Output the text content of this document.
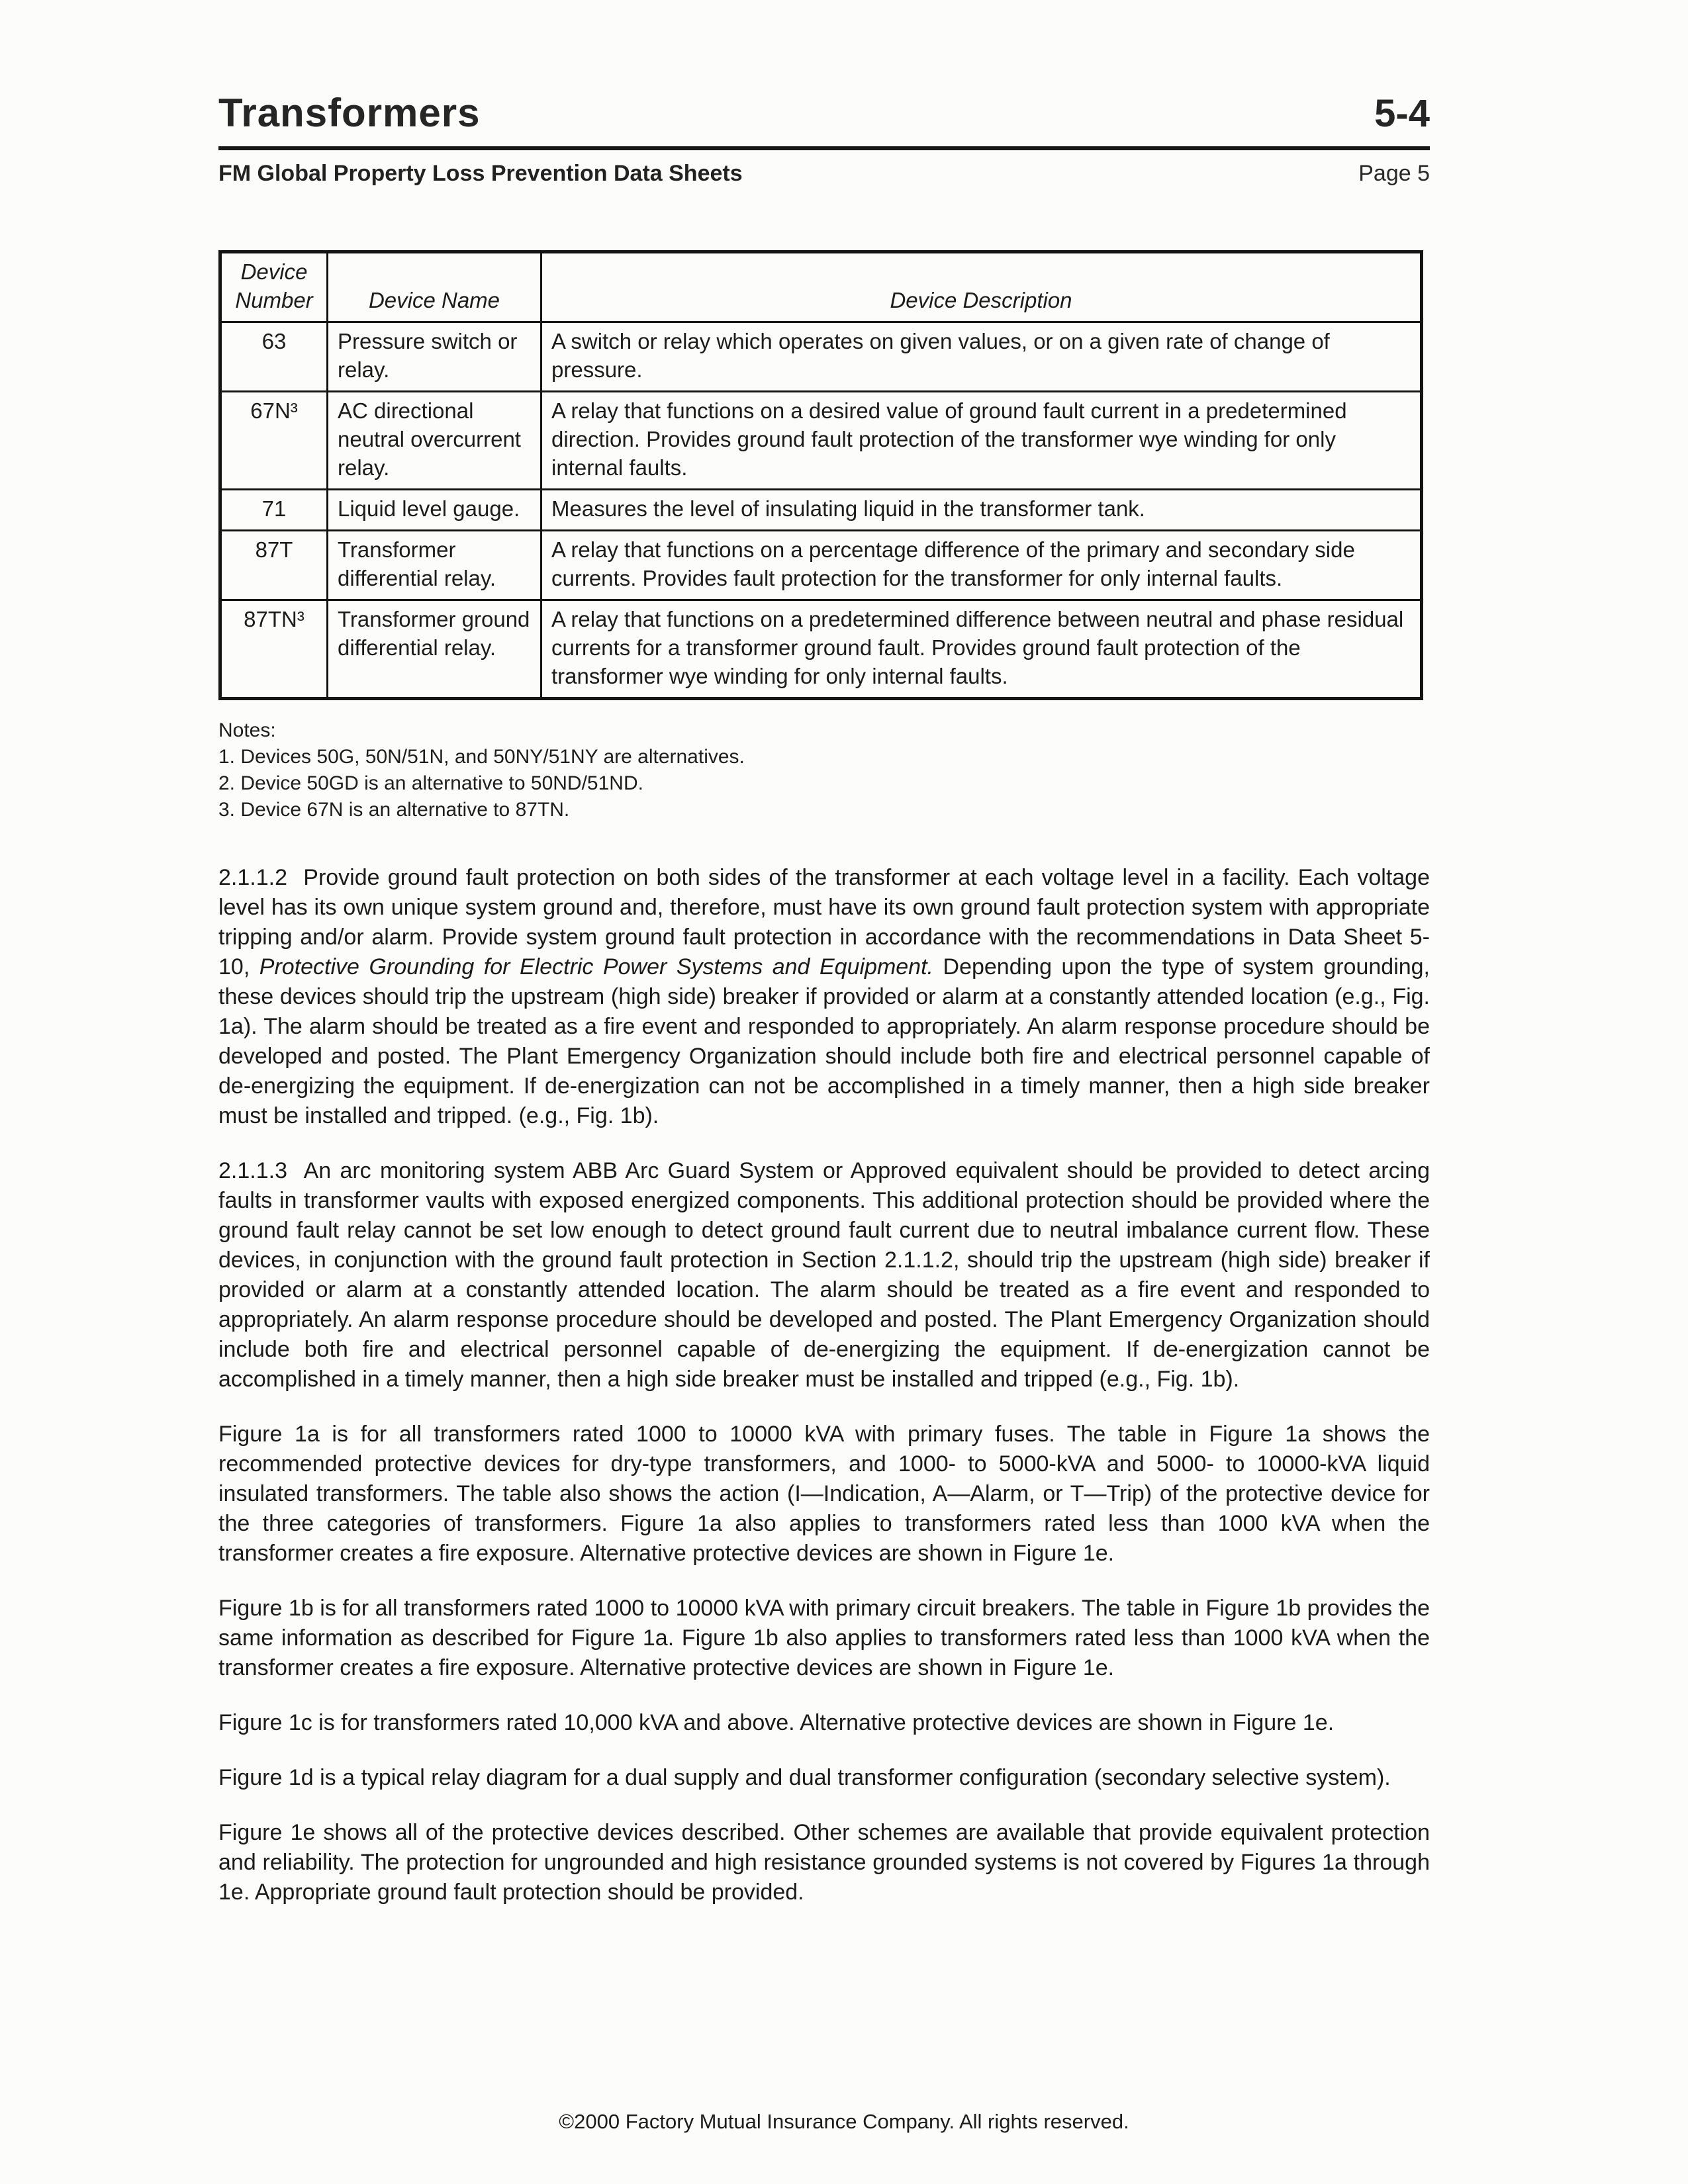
Transformers	5-4
FM Global Property Loss Prevention Data Sheets	Page 5
Device Number	Device Name	Device Description
63	Pressure switch or relay.	A switch or relay which operates on given values, or on a given rate of change of pressure.
67N³	AC directional neutral overcurrent relay.	A relay that functions on a desired value of ground fault current in a predetermined direction. Provides ground fault protection of the transformer wye winding for only internal faults.
71	Liquid level gauge.	Measures the level of insulating liquid in the transformer tank.
87T	Transformer differential relay.	A relay that functions on a percentage difference of the primary and secondary side currents. Provides fault protection for the transformer for only internal faults.
87TN³	Transformer ground differential relay.	A relay that functions on a predetermined difference between neutral and phase residual currents for a transformer ground fault. Provides ground fault protection of the transformer wye winding for only internal faults.

Notes:

1. Devices 50G, 50N/51N, and 50NY/51NY are alternatives.

2. Device 50GD is an alternative to 50ND/51ND.

3. Device 67N is an alternative to 87TN.

2.1.1.2  Provide ground fault protection on both sides of the transformer at each voltage level in a facility. Each voltage level has its own unique system ground and, therefore, must have its own ground fault protection system with appropriate tripping and/or alarm. Provide system ground fault protection in accordance with the recommendations in Data Sheet 5-10, Protective Grounding for Electric Power Systems and Equipment. Depending upon the type of system grounding, these devices should trip the upstream (high side) breaker if provided or alarm at a constantly attended location (e.g., Fig. 1a). The alarm should be treated as a fire event and responded to appropriately. An alarm response procedure should be developed and posted. The Plant Emergency Organization should include both fire and electrical personnel capable of de-energizing the equipment. If de-energization can not be accomplished in a timely manner, then a high side breaker must be installed and tripped. (e.g., Fig. 1b).

2.1.1.3  An arc monitoring system ABB Arc Guard System or Approved equivalent should be provided to detect arcing faults in transformer vaults with exposed energized components. This additional protection should be provided where the ground fault relay cannot be set low enough to detect ground fault current due to neutral imbalance current flow. These devices, in conjunction with the ground fault protection in Section 2.1.1.2, should trip the upstream (high side) breaker if provided or alarm at a constantly attended location. The alarm should be treated as a fire event and responded to appropriately. An alarm response procedure should be developed and posted. The Plant Emergency Organization should include both fire and electrical personnel capable of de-energizing the equipment. If de-energization cannot be accomplished in a timely manner, then a high side breaker must be installed and tripped (e.g., Fig. 1b).

Figure 1a is for all transformers rated 1000 to 10000 kVA with primary fuses. The table in Figure 1a shows the recommended protective devices for dry-type transformers, and 1000- to 5000-kVA and 5000- to 10000-kVA liquid insulated transformers. The table also shows the action (I—Indication, A—Alarm, or T—Trip) of the protective device for the three categories of transformers. Figure 1a also applies to transformers rated less than 1000 kVA when the transformer creates a fire exposure. Alternative protective devices are shown in Figure 1e.

Figure 1b is for all transformers rated 1000 to 10000 kVA with primary circuit breakers. The table in Figure 1b provides the same information as described for Figure 1a. Figure 1b also applies to transformers rated less than 1000 kVA when the transformer creates a fire exposure. Alternative protective devices are shown in Figure 1e.

Figure 1c is for transformers rated 10,000 kVA and above. Alternative protective devices are shown in Figure 1e.

Figure 1d is a typical relay diagram for a dual supply and dual transformer configuration (secondary selective system).

Figure 1e shows all of the protective devices described. Other schemes are available that provide equivalent protection and reliability. The protection for ungrounded and high resistance grounded systems is not covered by Figures 1a through 1e. Appropriate ground fault protection should be provided.

©2000 Factory Mutual Insurance Company. All rights reserved.
